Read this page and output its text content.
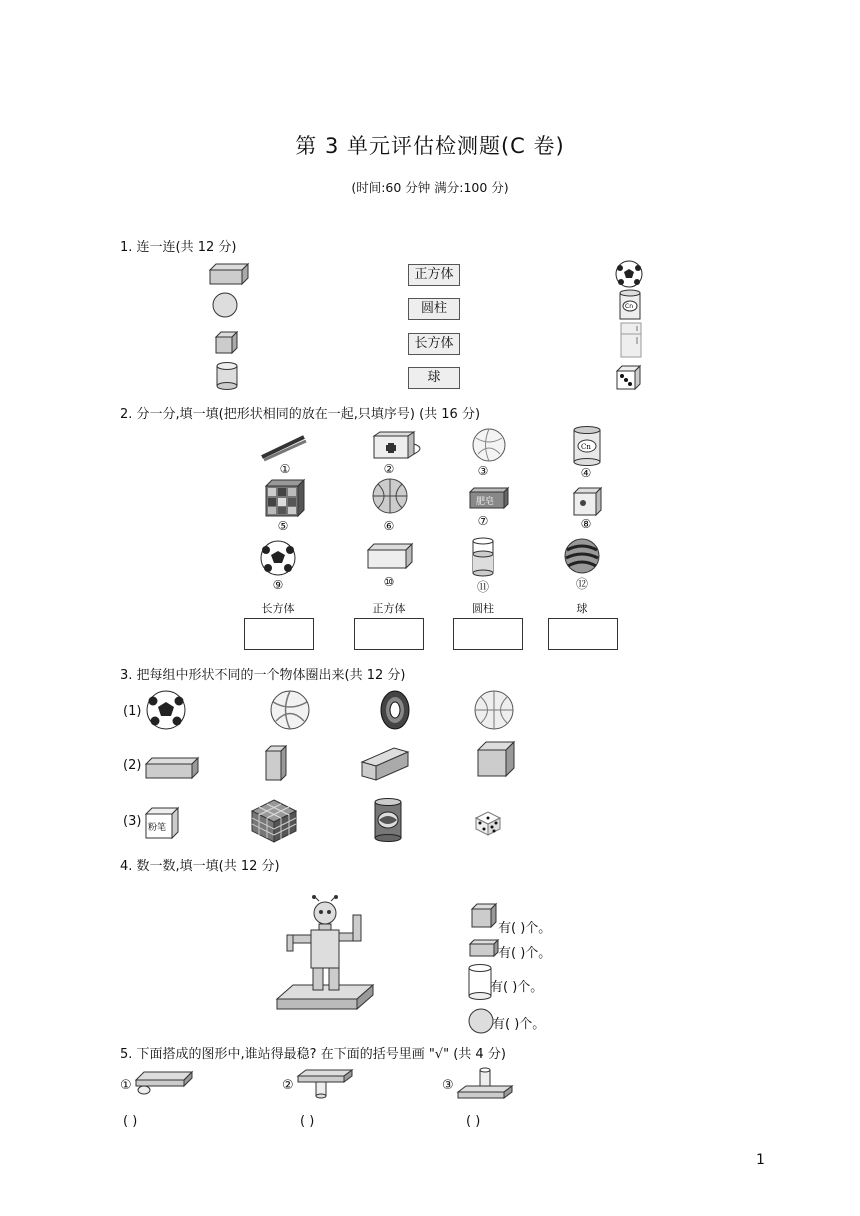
第 3 单元评估检测题(C 卷)
(时间:60 分钟 满分:100 分)
1. 连一连(共 12 分)
正方体
圆柱
长方体
球
Cn
2. 分一分,填一填(把形状相同的放在一起,只填序号) (共 16 分)
①	②	③
Cn
④
⑤	⑥
肥皂
⑦	⑧
⑨	⑩	⑪	⑫
长方体	正方体	圆柱	球
3. 把每组中形状不同的一个物体圈出来(共 12 分)
(1)
(2)
(3) 粉笔
4. 数一数,填一填(共 12 分)
有( )个。
有( )个。
有( )个。
有( )个。
5. 下面搭成的图形中,谁站得最稳? 在下面的括号里画 "√" (共 4 分)
①	②	③
( )	( )	( )
1
